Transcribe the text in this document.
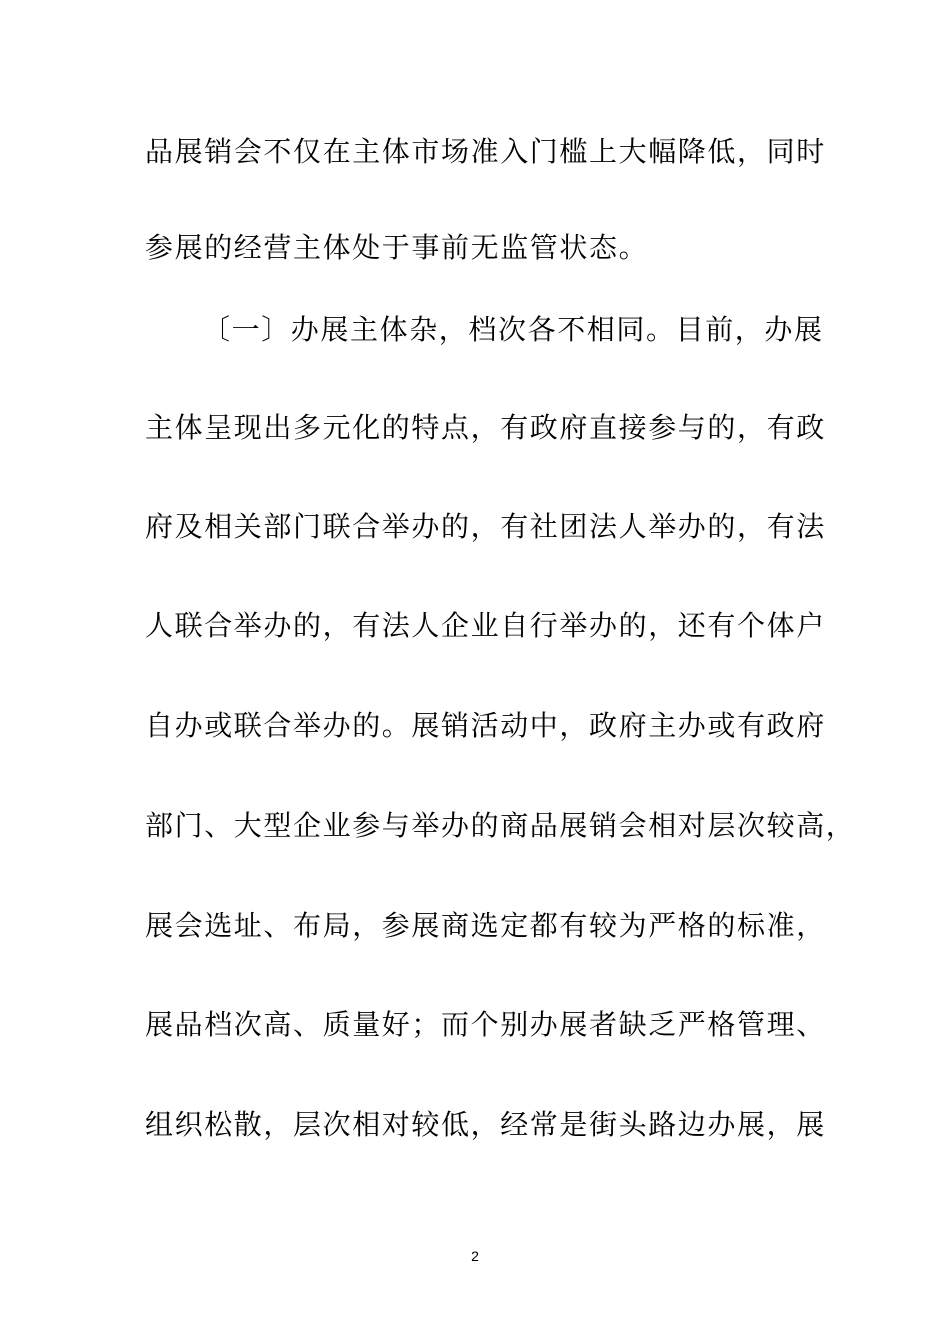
品展销会不仅在主体市场准入门槛上大幅降低，同时
参展的经营主体处于事前无监管状态。
〔一〕办展主体杂，档次各不相同。目前，办展
主体呈现出多元化的特点，有政府直接参与的，有政
府及相关部门联合举办的，有社团法人举办的，有法
人联合举办的，有法人企业自行举办的，还有个体户
自办或联合举办的。展销活动中，政府主办或有政府
部门、大型企业参与举办的商品展销会相对层次较高，
展会选址、布局，参展商选定都有较为严格的标准，
展品档次高、质量好；而个别办展者缺乏严格管理、
组织松散，层次相对较低，经常是街头路边办展，展
2
